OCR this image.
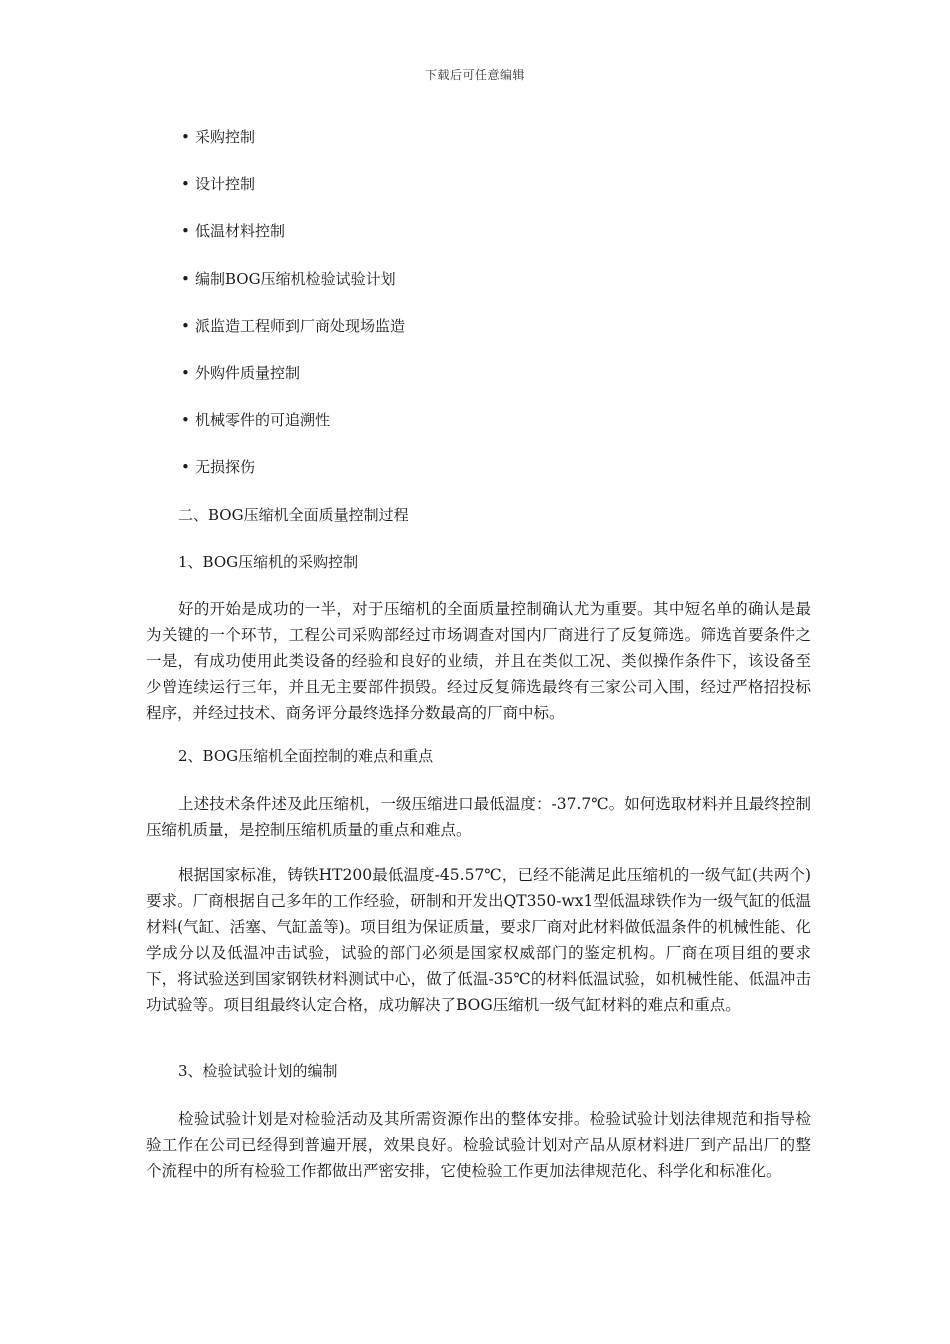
下载后可任意编辑
• 采购控制
• 设计控制
• 低温材料控制
• 编制BOG压缩机检验试验计划
• 派监造工程师到厂商处现场监造
• 外购件质量控制
• 机械零件的可追溯性
• 无损探伤
二、BOG压缩机全面质量控制过程
1、BOG压缩机的采购控制
好的开始是成功的一半，对于压缩机的全面质量控制确认尤为重要。其中短名单的确认是最为关键的一个环节，工程公司采购部经过市场调查对国内厂商进行了反复筛选。筛选首要条件之一是，有成功使用此类设备的经验和良好的业绩，并且在类似工况、类似操作条件下，该设备至少曾连续运行三年，并且无主要部件损毁。经过反复筛选最终有三家公司入围，经过严格招投标程序，并经过技术、商务评分最终选择分数最高的厂商中标。
2、BOG压缩机全面控制的难点和重点
上述技术条件述及此压缩机，一级压缩进口最低温度：-37.7℃。如何选取材料并且最终控制压缩机质量，是控制压缩机质量的重点和难点。
根据国家标准，铸铁HT200最低温度-45.57℃，已经不能满足此压缩机的一级气缸(共两个)要求。厂商根据自己多年的工作经验，研制和开发出QT350-wx1型低温球铁作为一级气缸的低温材料(气缸、活塞、气缸盖等)。项目组为保证质量，要求厂商对此材料做低温条件的机械性能、化学成分以及低温冲击试验，试验的部门必须是国家权威部门的鉴定机构。厂商在项目组的要求下，将试验送到国家钢铁材料测试中心，做了低温-35℃的材料低温试验，如机械性能、低温冲击功试验等。项目组最终认定合格，成功解决了BOG压缩机一级气缸材料的难点和重点。
3、检验试验计划的编制
检验试验计划是对检验活动及其所需资源作出的整体安排。检验试验计划法律规范和指导检验工作在公司已经得到普遍开展，效果良好。检验试验计划对产品从原材料进厂到产品出厂的整个流程中的所有检验工作都做出严密安排，它使检验工作更加法律规范化、科学化和标准化。
